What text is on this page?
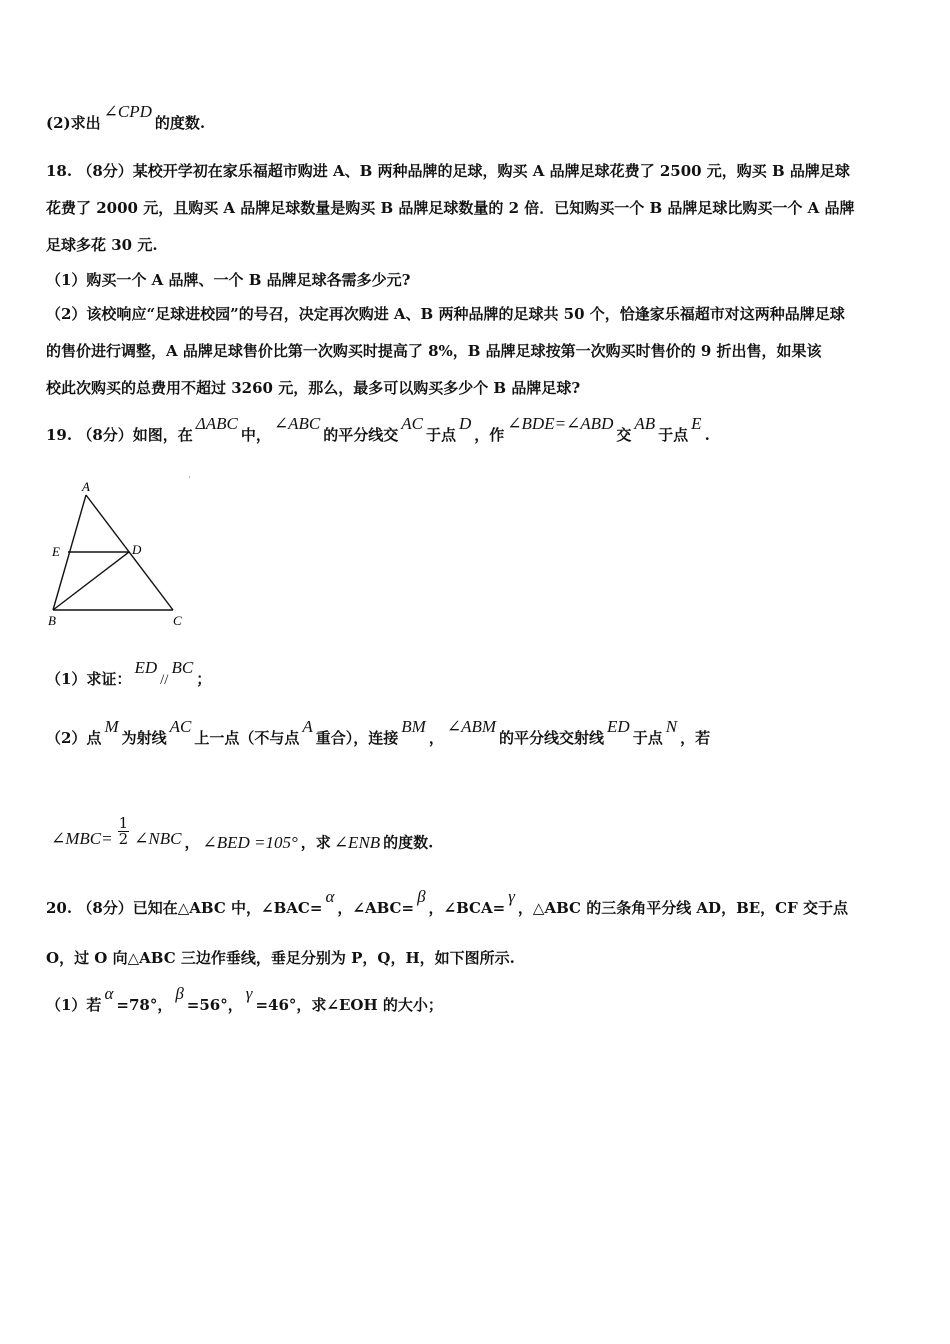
(2)求出∠CPD的度数.
18. （8分）某校开学初在家乐福超市购进 A、B 两种品牌的足球，购买 A 品牌足球花费了 2500 元，购买 B 品牌足球
花费了 2000 元，且购买 A 品牌足球数量是购买 B 品牌足球数量的 2 倍．已知购买一个 B 品牌足球比购买一个 A 品牌
足球多花 30 元.
（1）购买一个 A 品牌、一个 B 品牌足球各需多少元?
（2）该校响应“足球进校园”的号召，决定再次购进 A、B 两种品牌的足球共 50 个，恰逢家乐福超市对这两种品牌足球
的售价进行调整，A 品牌足球售价比第一次购买时提高了 8%，B 品牌足球按第一次购买时售价的 9 折出售，如果该
校此次购买的总费用不超过 3260 元，那么，最多可以购买多少个 B 品牌足球?
19. （8分）如图，在ΔABC中，∠ABC的平分线交AC于点D，作∠BDE=∠ABD交AB于点E.
A
E	D
B	C
（1）求证：ED//BC；
（2）点M为射线AC上一点（不与点A重合），连接BM，∠ABM的平分线交射线ED于点N，若
∠MBC= $\frac{1}{2}$ ∠NBC ， ∠BED =105° ，求 ∠ENB 的度数.
20. （8分）已知在△ABC 中，∠BAC=α，∠ABC=β，∠BCA=γ，△ABC 的三条角平分线 AD，BE，CF 交于点
O，过 O 向△ABC 三边作垂线，垂足分别为 P，Q，H，如下图所示.
（1）若α=78°，β=56°，γ=46°，求∠EOH 的大小；
